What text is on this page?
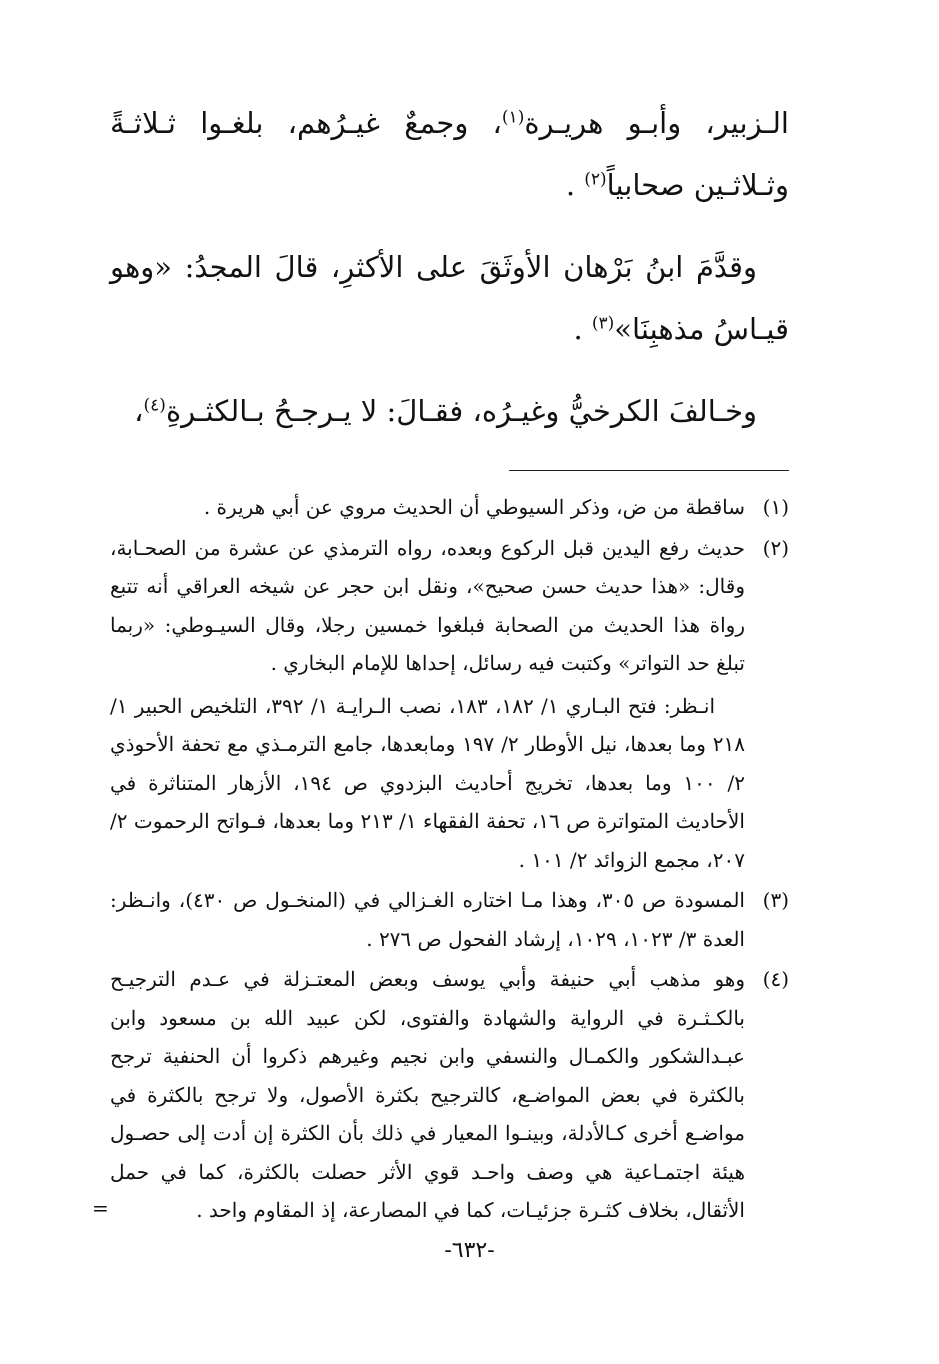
الـزبير، وأبـو هريـرة$^{(١)}$، وجمعٌ غيـرُهم، بلغـوا ثـلاثـةً وثـلاثـين صحابياً$^{(٢)}$ .

وقدَّمَ ابنُ بَرْهان الأوثَقَ على الأكثرِ، قالَ المجدُ: «وهو قيـاسُ مذهبِنَا»$^{(٣)}$ .

وخـالفَ الكرخيُّ وغيـرُه، فقـالَ: لا يـرجـحُ بـالكثـرةِ$^{(٤)}$،

(١)

ساقطة من ض، وذكر السيوطي أن الحديث مروي عن أبي هريرة .

(٢)

حديث رفع اليدين قبل الركوع وبعده، رواه الترمذي عن عشرة من الصحـابة، وقال: «هذا حديث حسن صحيح»، ونقل ابن حجر عن شيخه العراقي أنه تتبع رواة هذا الحديث من الصحابة فبلغوا خمسين رجلا، وقال السيـوطي: «ربما تبلغ حد التواتر» وكتبت فيه رسائل، إحداها للإمام البخاري .

انـظر: فتح البـاري ١/ ١٨٢، ١٨٣، نصب الـرايـة ١/ ٣٩٢، التلخيص الحبير ١/ ٢١٨ وما بعدها، نيل الأوطار ٢/ ١٩٧ ومابعدها، جامع الترمـذي مع تحفة الأحوذي ٢/ ١٠٠ وما بعدها، تخريج أحاديث البزدوي ص ١٩٤، الأزهار المتناثرة في الأحاديث المتواترة ص ١٦، تحفة الفقهاء ١/ ٢١٣ وما بعدها، فـواتح الرحموت ٢/ ٢٠٧، مجمع الزوائد ٢/ ١٠١ .

(٣)

المسودة ص ٣٠٥، وهذا مـا اختاره الغـزالي في (المنخـول ص ٤٣٠)، وانـظر: العدة ٣/ ١٠٢٣، ١٠٢٩، إرشاد الفحول ص ٢٧٦ .

(٤)

وهو مذهب أبي حنيفة وأبي يوسف وبعض المعتـزلة في عـدم الترجيـح بالكـثـرة في الرواية والشهادة والفتوى، لكن عبيد الله بن مسعود وابن عبـدالشكور والكمـال والنسفي وابن نجيم وغيرهم ذكروا أن الحنفية ترجح بالكثرة في بعض المواضـع، كالترجيح بكثرة الأصول، ولا ترجح بالكثرة في مواضـع أخرى كـالأدلة، وبينـوا المعيار في ذلك بأن الكثرة إن أدت إلى حصـول هيئة اجتمـاعية هي وصف واحـد قوي الأثر حصلت بالكثرة، كما في حمل الأثقال، بخلاف كثـرة جزئيـات، كما في المصارعة، إذ المقاوم واحد .

=
-٦٣٢-
